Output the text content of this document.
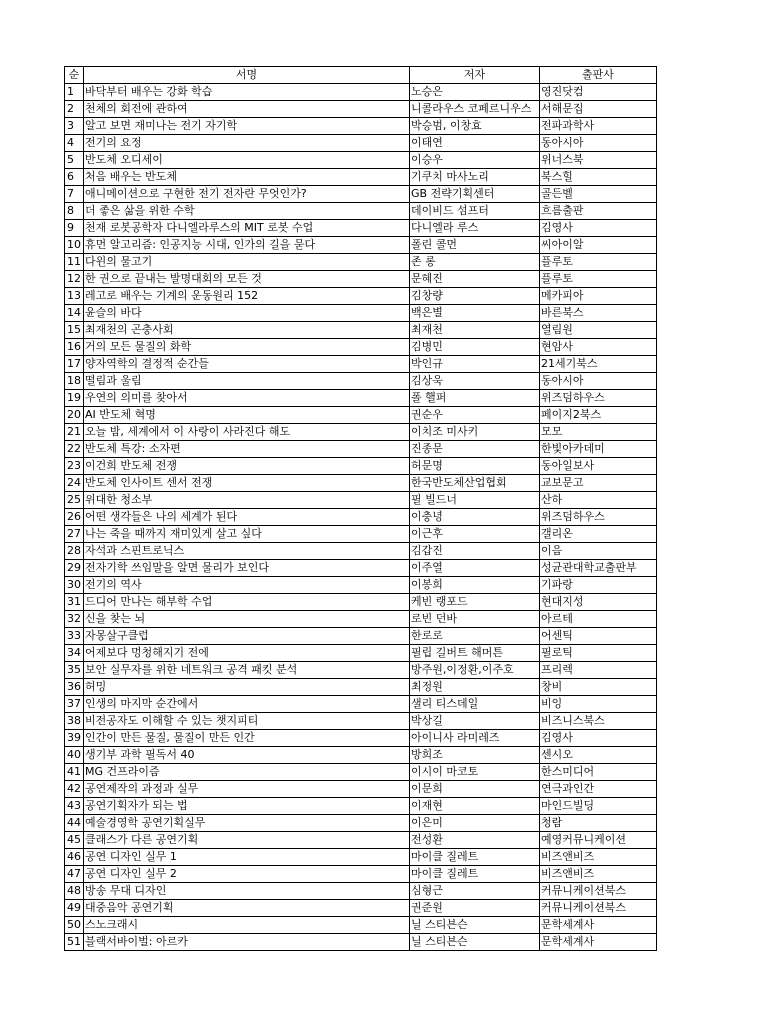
순	서명	저자	출판사
1	바닥부터 배우는 강화 학습	노승은	영진닷컴
2	천체의 회전에 관하여	니콜라우스 코페르니우스	서해문집
3	알고 보면 재미나는 전기 자기학	박승범, 이창효	전파과학사
4	전기의 요정	이태연	동아시아
5	반도체 오디세이	이승우	위너스북
6	처음 배우는 반도체	기쿠치 마사노리	북스힐
7	애니메이션으로 구현한 전기 전자란 무엇인가?	GB 전략기획센터	골든벨
8	더 좋은 삶을 위한 수학	데이비드 섬프터	흐름출판
9	천재 로봇공학자 다니엘라루스의 MIT 로봇 수업	다니엘라 루스	김영사
10	휴먼 알고리즘: 인공지능 시대, 인가의 길을 묻다	폴린 콜먼	씨아이알
11	다윈의 물고기	존 롱	플루토
12	한 권으로 끝내는 발명대회의 모든 것	문혜진	플루토
13	레고로 배우는 기계의 운동원리 152	김창량	메카피아
14	윤슬의 바다	백은별	바른북스
15	최재천의 곤충사회	최재천	열림원
16	거의 모든 물질의 화학	김병민	현암사
17	양자역학의 결정적 순간들	박인규	21세기북스
18	떨림과 울림	김상욱	동아시아
19	우연의 의미를 찾아서	폴 핼퍼	위즈덤하우스
20	AI 반도체 혁명	권순우	페이지2북스
21	오늘 밤, 세계에서 이 사랑이 사라진다 해도	이치조 미사키	모모
22	반도체 특강: 소자편	진종문	한빛아카데미
23	이건희 반도체 전쟁	허문명	동아일보사
24	반도체 인사이트 센서 전쟁	한국반도체산업협회	교보문고
25	위대한 청소부	필 빌드너	산하
26	어떤 생각들은 나의 세계가 된다	이충녕	위즈덤하우스
27	나는 죽을 때까지 재미있게 살고 싶다	이근후	갤리온
28	자석과 스핀트로닉스	김갑진	이음
29	전자기학 쓰임말을 알면 물리가 보인다	이주열	성균관대학교출판부
30	전기의 역사	이봉희	기파랑
31	드디어 만나는 해부학 수업	케빈 랭포드	현대지성
32	신을 찾는 뇌	로빈 던바	아르테
33	자몽살구클럽	한로로	어센틱
34	어제보다 멍청해지기 전에	필립 길버트 해머튼	필로틱
35	보안 실무자를 위한 네트워크 공격 패킷 분석	방주원,이정환,이주호	프리렉
36	허밍	최정원	창비
37	인생의 마지막 순간에서	샐리 티스데일	비잉
38	비전공자도 이해할 수 있는 챗지피티	박상길	비즈니스북스
39	인간이 만든 물질, 물질이 만든 인간	아이니사 라미레즈	김영사
40	생기부 과학 필독서 40	방희조	센시오
41	MG 건프라이즘	이시이 마코토	한스미디어
42	공연제작의 과정과 실무	이문희	연극과인간
43	공연기획자가 되는 법	이재현	마인드빌딩
44	예술경영학 공연기획실무	이은미	청람
45	클래스가 다른 공연기획	전성환	예영커뮤니케이션
46	공연 디자인 실무 1	마이클 질레트	비즈앤비즈
47	공연 디자인 실무 2	마이클 질레트	비즈앤비즈
48	방송 무대 디자인	심형근	커뮤니케이션북스
49	대중음악 공연기획	권준원	커뮤니케이션북스
50	스노크래시	닐 스티븐슨	문학세계사
51	블랙서바이벌: 아르카	닐 스티븐슨	문학세계사
